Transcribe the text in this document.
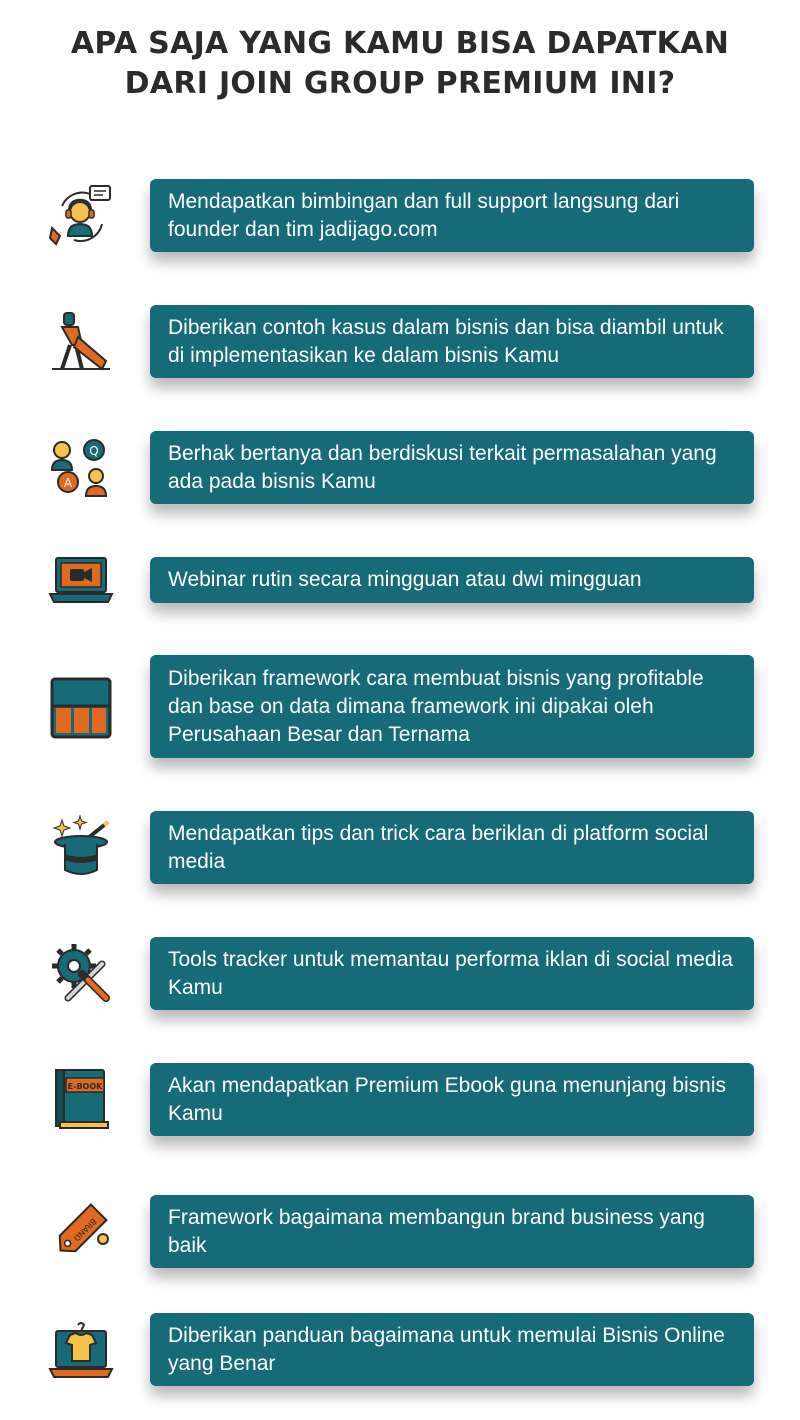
APA SAJA YANG KAMU BISA DAPATKAN
DARI JOIN GROUP PREMIUM INI?
Mendapatkan bimbingan dan full support langsung dari founder dan tim jadijago.com
Diberikan contoh kasus dalam bisnis dan bisa diambil untuk di implementasikan ke dalam bisnis Kamu
Q
A
Berhak bertanya dan berdiskusi terkait permasalahan yang ada pada bisnis Kamu
Webinar rutin secara mingguan atau dwi mingguan
Diberikan framework cara membuat bisnis yang profitable dan base on data dimana framework ini dipakai oleh Perusahaan Besar dan Ternama
Mendapatkan tips dan trick cara beriklan di platform social media
Tools tracker untuk memantau performa iklan di social media Kamu
E-BOOK	Akan mendapatkan Premium Ebook guna menunjang bisnis Kamu
BRAND	Framework bagaimana membangun brand business yang baik
Diberikan panduan bagaimana untuk memulai Bisnis Online yang Benar
